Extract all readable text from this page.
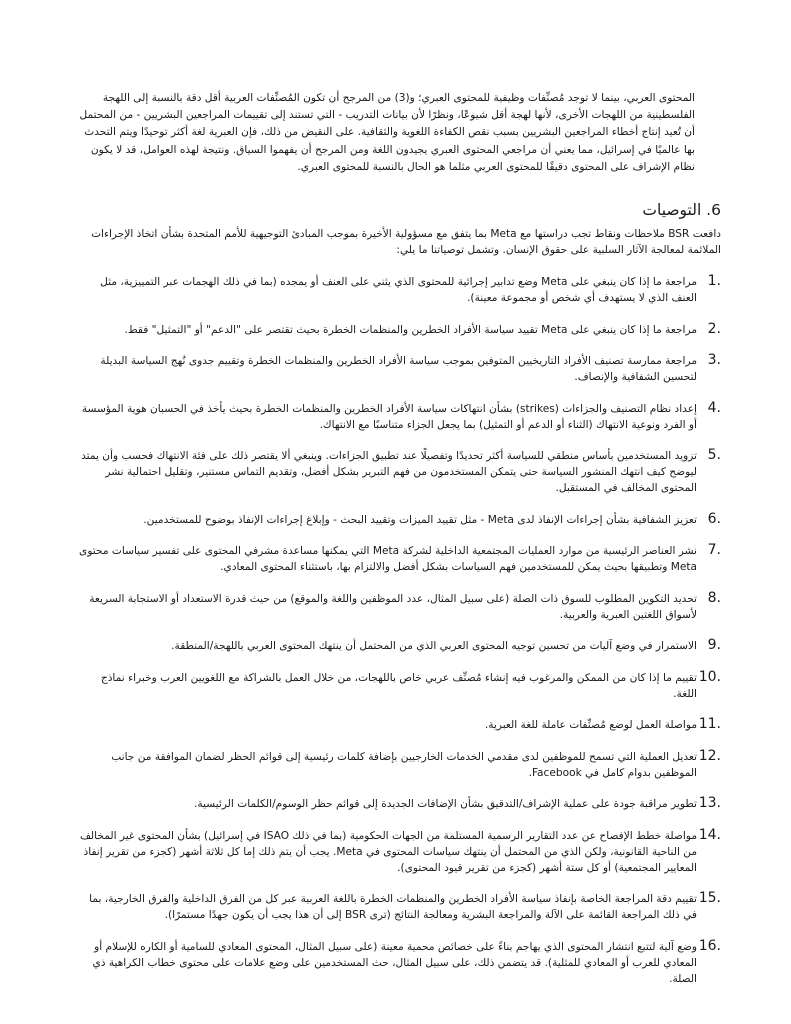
المحتوى العربي، بينما لا توجد مُصنِّفات وظيفية للمحتوى العبري؛ و(3) من المرجح أن تكون المُصنِّفات العربية أقل دقة بالنسبة إلى اللهجة الفلسطينية من اللهجات الأخرى، لأنها لهجة أقل شيوعًا، ونظرًا لأن بيانات التدريب - التي تستند إلى تقييمات المراجعين البشريين - من المحتمل أن تُعيد إنتاج أخطاء المراجعين البشريين بسبب نقص الكفاءة اللغوية والثقافية. على النقيض من ذلك، فإن العبرية لغة أكثر توحيدًا ويتم التحدث بها عالميًا في إسرائيل، مما يعني أن مراجعي المحتوى العبري يجيدون اللغة ومن المرجح أن يفهموا السياق. ونتيجة لهذه العوامل، قد لا يكون نظام الإشراف على المحتوى دقيقًا للمحتوى العربي مثلما هو الحال بالنسبة للمحتوى العبري.

6. التوصيات

دافعت BSR ملاحظات ونقاط تجب دراستها مع Meta بما يتفق مع مسؤولية الأخيرة بموجب المبادئ التوجيهية للأمم المتحدة بشأن اتخاذ الإجراءات الملائمة لمعالجة الآثار السلبية على حقوق الإنسان. وتشمل توصياتنا ما يلي:

1.
مراجعة ما إذا كان ينبغي على Meta وضع تدابير إجرائية للمحتوى الذي يثني على العنف أو يمجده (بما في ذلك الهجمات عبر التمييزية، مثل العنف الذي لا يستهدف أي شخص أو مجموعة معينة).
2.
مراجعة ما إذا كان ينبغي على Meta تقييد سياسة الأفراد الخطرين والمنظمات الخطرة بحيث تقتصر على "الدعم" أو "التمثيل" فقط.
3.
مراجعة ممارسة تصنيف الأفراد التاريخيين المتوفين بموجب سياسة الأفراد الخطرين والمنظمات الخطرة وتقييم جدوى نُهج السياسة البديلة لتحسين الشفافية والإنصاف.
4.
إعداد نظام التصنيف والجزاءات (strikes) بشأن انتهاكات سياسة الأفراد الخطرين والمنظمات الخطرة بحيث يأخذ في الحسبان هوية المؤسسة أو الفرد ونوعية الانتهاك (الثناء أو الدعم أو التمثيل) بما يجعل الجزاء متناسبًا مع الانتهاك.
5.
تزويد المستخدمين بأساس منطقي للسياسة أكثر تحديدًا وتفصيلًا عند تطبيق الجزاءات. وينبغي ألا يقتصر ذلك على فئة الانتهاك فحسب وأن يمتد ليوضح كيف انتهك المنشور السياسة حتى يتمكن المستخدمون من فهم التبرير بشكل أفضل، وتقديم التماس مستنير، وتقليل احتمالية نشر المحتوى المخالف في المستقبل.
6.
تعزيز الشفافية بشأن إجراءات الإنفاذ لدى Meta - مثل تقييد الميزات وتقييد البحث - وإبلاغ إجراءات الإنفاذ بوضوح للمستخدمين.
7.
نشر العناصر الرئيسية من موارد العمليات المجتمعية الداخلية لشركة Meta التي يمكنها مساعدة مشرفي المحتوى على تفسير سياسات محتوى Meta وتطبيقها بحيث يمكن للمستخدمين فهم السياسات بشكل أفضل والالتزام بها، باستثناء المحتوى المعادي.
8.
تحديد التكوين المطلوب للسوق ذات الصلة (على سبيل المثال، عدد الموظفين واللغة والموقع) من حيث قدرة الاستعداد أو الاستجابة السريعة لأسواق اللغتين العبرية والعربية.
9.
الاستمرار في وضع آليات من تحسين توجيه المحتوى العربي الذي من المحتمل أن ينتهك المحتوى العربي باللهجة/المنطقة.
10.
تقييم ما إذا كان من الممكن والمرغوب فيه إنشاء مُصنِّف عربي خاص باللهجات، من خلال العمل بالشراكة مع اللغويين العرب وخبراء نماذج اللغة.
11.
مواصلة العمل لوضع مُصنِّفات عاملة للغة العبرية.
12.
تعديل العملية التي تسمح للموظفين لدى مقدمي الخدمات الخارجيين بإضافة كلمات رئيسية إلى قوائم الحظر لضمان الموافقة من جانب الموظفين بدوام كامل في Facebook.
13.
تطوير مراقبة جودة على عملية الإشراف/التدقيق بشأن الإضافات الجديدة إلى قوائم حظر الوسوم/الكلمات الرئيسية.
14.
مواصلة خطط الإفصاح عن عدد التقارير الرسمية المستلمة من الجهات الحكومية (بما في ذلك ISAO في إسرائيل) بشأن المحتوى غير المخالف من الناحية القانونية، ولكن الذي من المحتمل أن ينتهك سياسات المحتوى في Meta. يجب أن يتم ذلك إما كل ثلاثة أشهر (كجزء من تقرير إنفاذ المعايير المجتمعية) أو كل ستة أشهر (كجزء من تقرير قيود المحتوى).
15.
تقييم دقة المراجعة الخاصة بإنفاذ سياسة الأفراد الخطرين والمنظمات الخطرة باللغة العربية عبر كل من الفرق الداخلية والفرق الخارجية، بما في ذلك المراجعة القائمة على الآلة والمراجعة البشرية ومعالجة النتائج (ترى BSR إلى أن هذا يجب أن يكون جهدًا مستمرًا).
16.
وضع آلية لتتبع انتشار المحتوى الذي يهاجم بناءً على خصائص محمية معينة (على سبيل المثال، المحتوى المعادي للسامية أو الكاره للإسلام أو المعادي للعرب أو المعادي للمثلية). قد يتضمن ذلك، على سبيل المثال، حث المستخدمين على وضع علامات على محتوى خطاب الكراهية ذي الصلة.
